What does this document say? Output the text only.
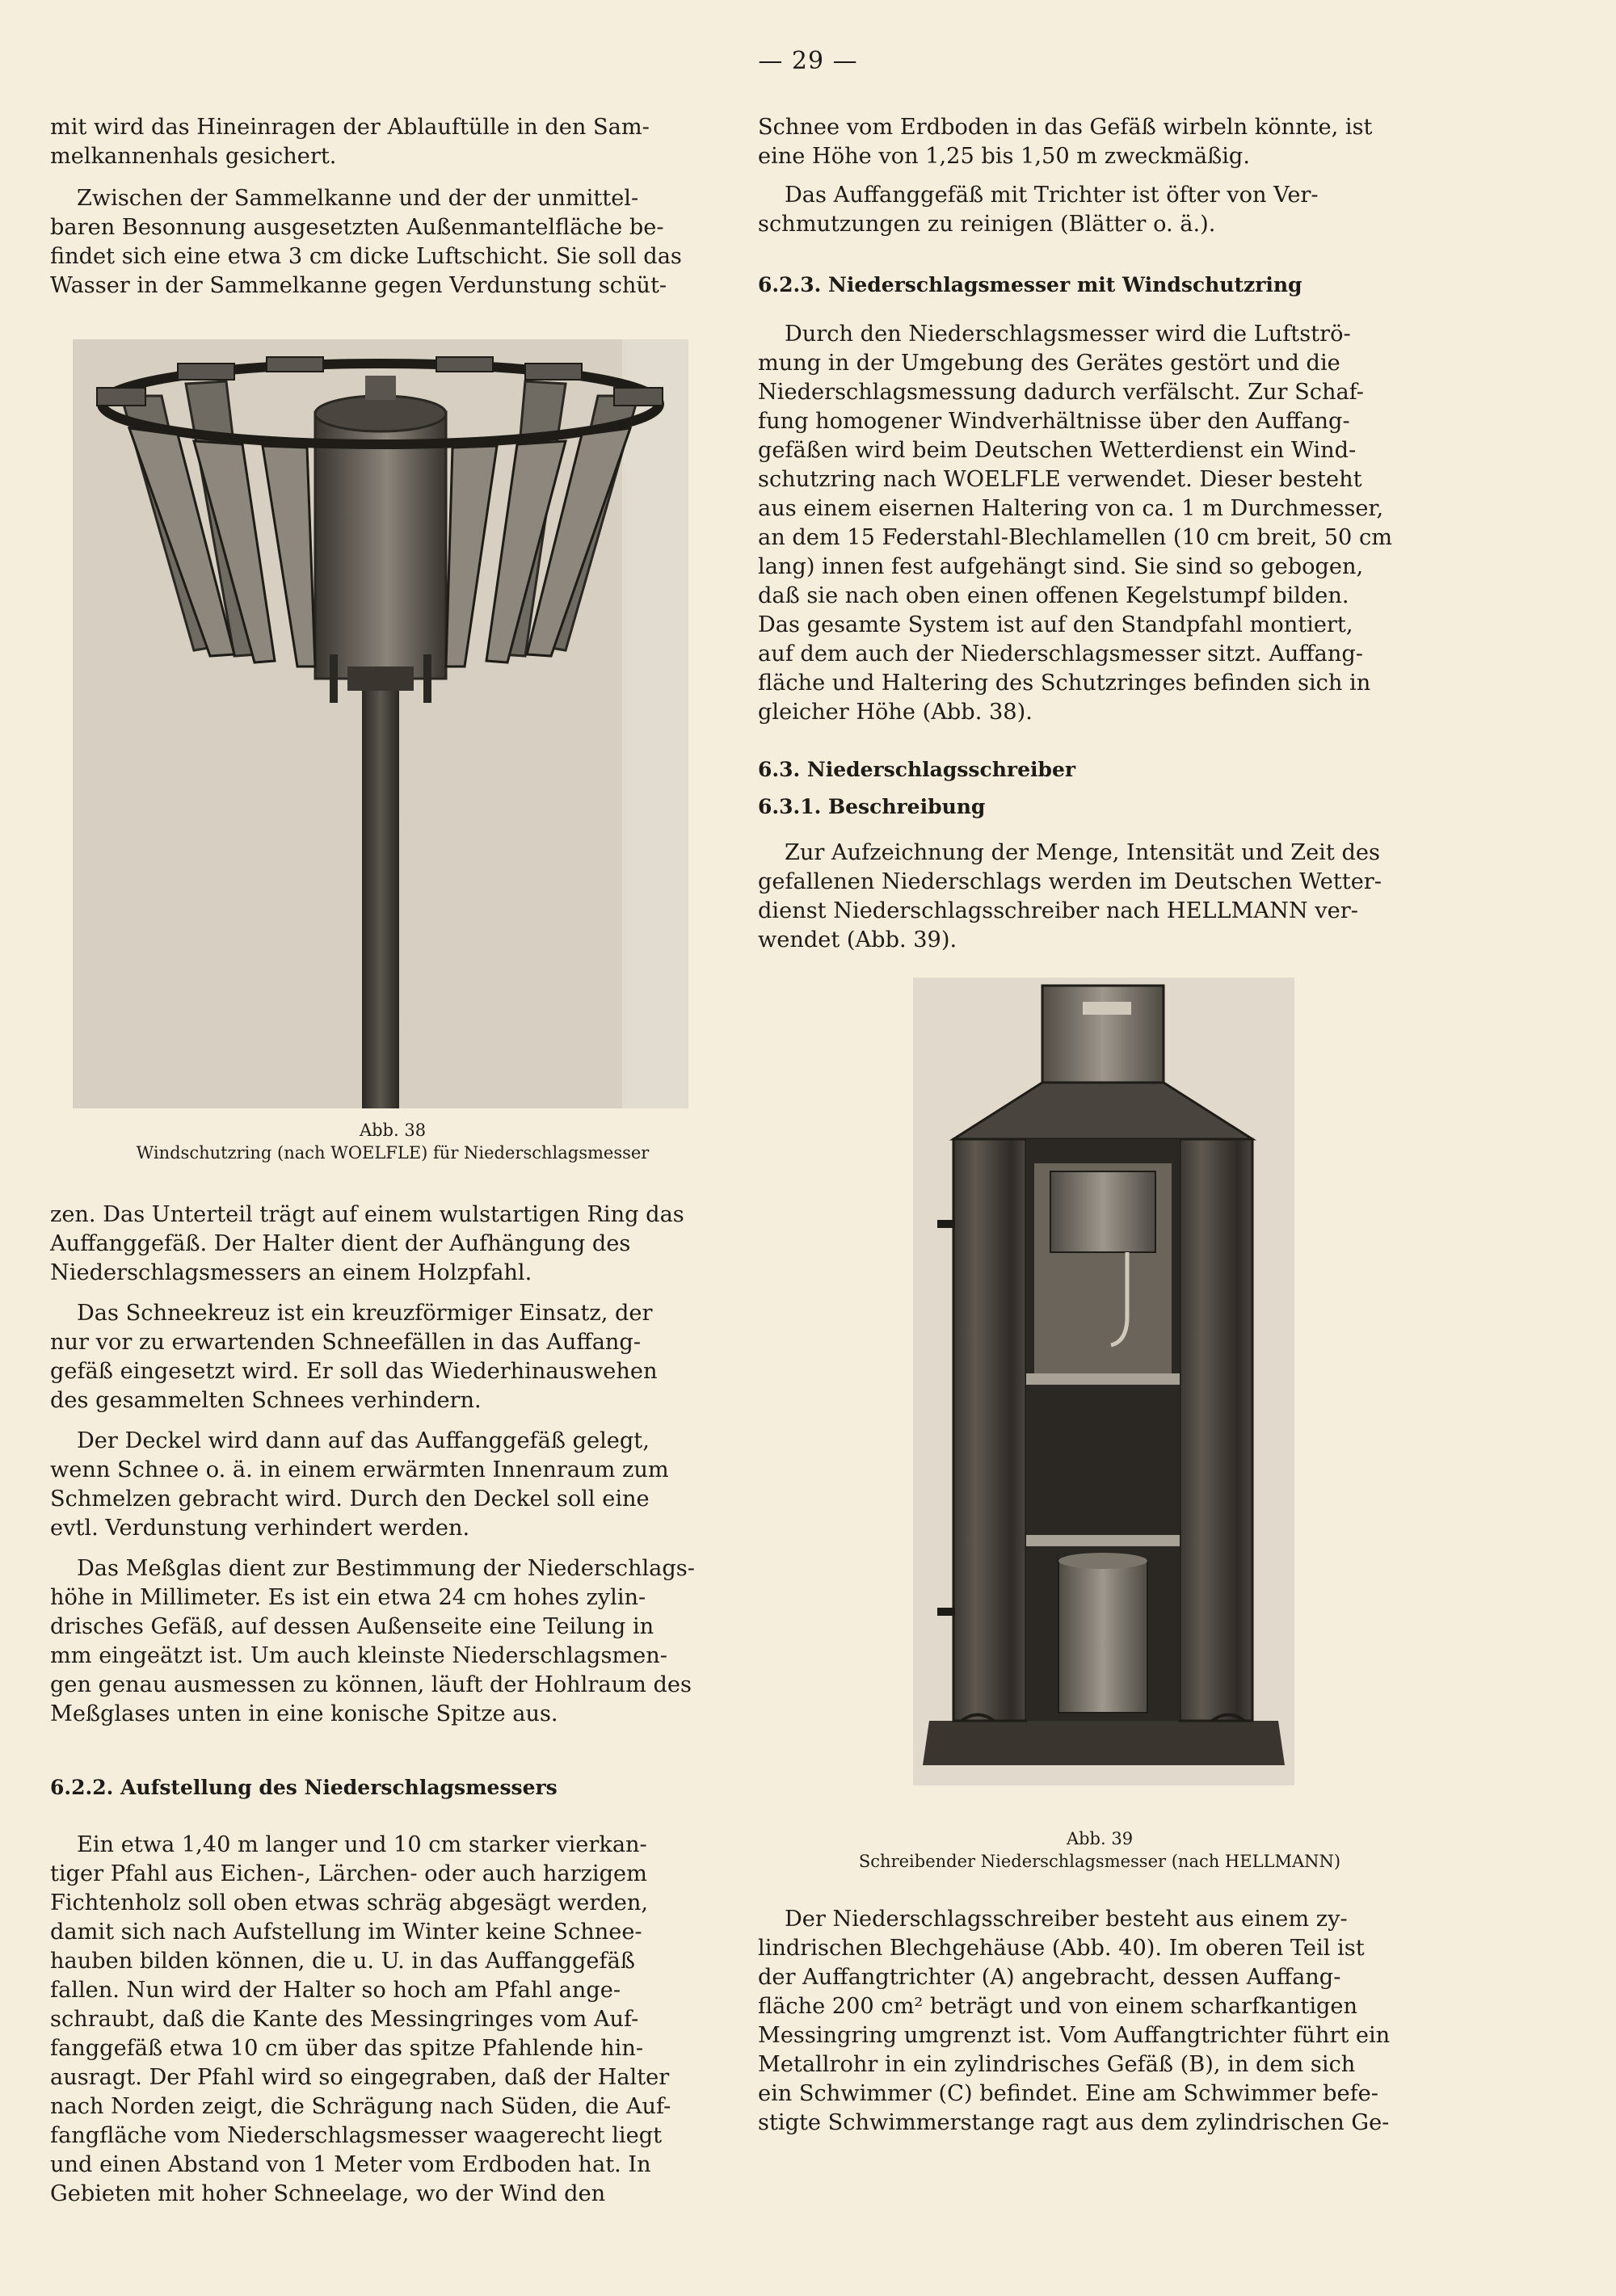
— 29 —

mit wird das Hineinragen der Ablauftülle in den Sam-
melkannenhals gesichert.

Zwischen der Sammelkanne und der der unmittel-
baren Besonnung ausgesetzten Außenmantelfläche be-
findet sich eine etwa 3 cm dicke Luftschicht. Sie soll das
Wasser in der Sammelkanne gegen Verdunstung schüt-

Abb. 38

Windschutzring (nach WOELFLE) für Niederschlagsmesser

zen. Das Unterteil trägt auf einem wulstartigen Ring das
Auffanggefäß. Der Halter dient der Aufhängung des
Niederschlagsmessers an einem Holzpfahl.

Das Schneekreuz ist ein kreuzförmiger Einsatz, der
nur vor zu erwartenden Schneefällen in das Auffang-
gefäß eingesetzt wird. Er soll das Wiederhinauswehen
des gesammelten Schnees verhindern.

Der Deckel wird dann auf das Auffanggefäß gelegt,
wenn Schnee o. ä. in einem erwärmten Innenraum zum
Schmelzen gebracht wird. Durch den Deckel soll eine
evtl. Verdunstung verhindert werden.

Das Meßglas dient zur Bestimmung der Niederschlags-
höhe in Millimeter. Es ist ein etwa 24 cm hohes zylin-
drisches Gefäß, auf dessen Außenseite eine Teilung in
mm eingeätzt ist. Um auch kleinste Niederschlagsmen-
gen genau ausmessen zu können, läuft der Hohlraum des
Meßglases unten in eine konische Spitze aus.

6.2.2. Aufstellung des Niederschlagsmessers

Ein etwa 1,40 m langer und 10 cm starker vierkan-
tiger Pfahl aus Eichen-, Lärchen- oder auch harzigem
Fichtenholz soll oben etwas schräg abgesägt werden,
damit sich nach Aufstellung im Winter keine Schnee-
hauben bilden können, die u. U. in das Auffanggefäß
fallen. Nun wird der Halter so hoch am Pfahl ange-
schraubt, daß die Kante des Messingringes vom Auf-
fanggefäß etwa 10 cm über das spitze Pfahlende hin-
ausragt. Der Pfahl wird so eingegraben, daß der Halter
nach Norden zeigt, die Schrägung nach Süden, die Auf-
fangfläche vom Niederschlagsmesser waagerecht liegt
und einen Abstand von 1 Meter vom Erdboden hat. In
Gebieten mit hoher Schneelage, wo der Wind den

Schnee vom Erdboden in das Gefäß wirbeln könnte, ist
eine Höhe von 1,25 bis 1,50 m zweckmäßig.

Das Auffanggefäß mit Trichter ist öfter von Ver-
schmutzungen zu reinigen (Blätter o. ä.).

6.2.3. Niederschlagsmesser mit Windschutzring

Durch den Niederschlagsmesser wird die Luftströ-
mung in der Umgebung des Gerätes gestört und die
Niederschlagsmessung dadurch verfälscht. Zur Schaf-
fung homogener Windverhältnisse über den Auffang-
gefäßen wird beim Deutschen Wetterdienst ein Wind-
schutzring nach WOELFLE verwendet. Dieser besteht
aus einem eisernen Haltering von ca. 1 m Durchmesser,
an dem 15 Federstahl-Blechlamellen (10 cm breit, 50 cm
lang) innen fest aufgehängt sind. Sie sind so gebogen,
daß sie nach oben einen offenen Kegelstumpf bilden.
Das gesamte System ist auf den Standpfahl montiert,
auf dem auch der Niederschlagsmesser sitzt. Auffang-
fläche und Haltering des Schutzringes befinden sich in
gleicher Höhe (Abb. 38).

6.3. Niederschlagsschreiber

6.3.1. Beschreibung

Zur Aufzeichnung der Menge, Intensität und Zeit des
gefallenen Niederschlags werden im Deutschen Wetter-
dienst Niederschlagsschreiber nach HELLMANN ver-
wendet (Abb. 39).

Abb. 39

Schreibender Niederschlagsmesser (nach HELLMANN)

Der Niederschlagsschreiber besteht aus einem zy-
lindrischen Blechgehäuse (Abb. 40). Im oberen Teil ist
der Auffangtrichter (A) angebracht, dessen Auffang-
fläche 200 cm² beträgt und von einem scharfkantigen
Messingring umgrenzt ist. Vom Auffangtrichter führt ein
Metallrohr in ein zylindrisches Gefäß (B), in dem sich
ein Schwimmer (C) befindet. Eine am Schwimmer befe-
stigte Schwimmerstange ragt aus dem zylindrischen Ge-
